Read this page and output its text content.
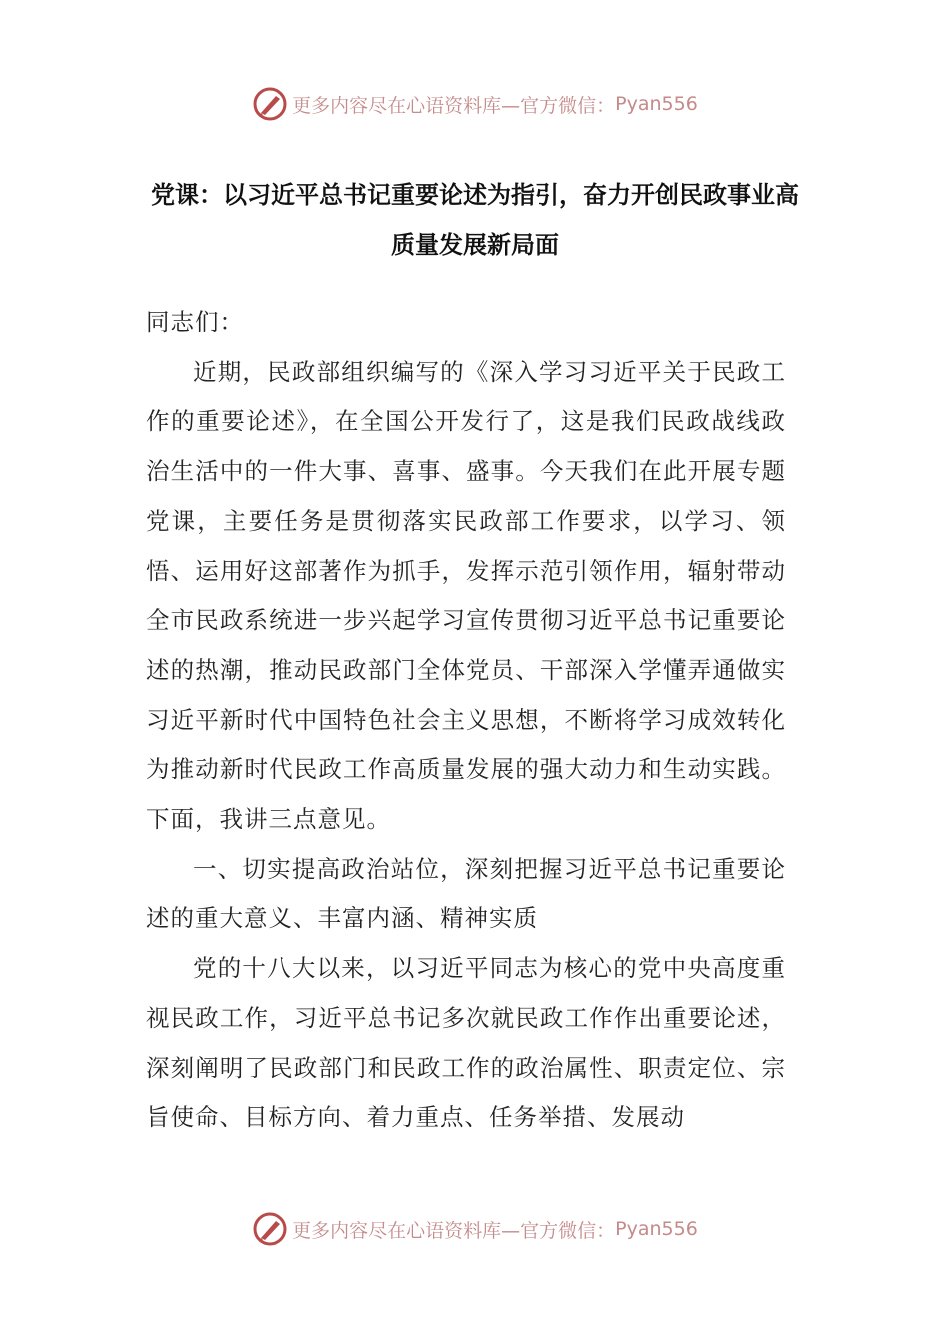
更多内容尽在心语资料库—官方微信： Pyan556
党课：以习近平总书记重要论述为指引，奋力开创民政事业高质量发展新局面

同志们：

近期，民政部组织编写的《深入学习习近平关于民政工作的重要论述》，在全国公开发行了，这是我们民政战线政治生活中的一件大事、喜事、盛事。今天我们在此开展专题党课，主要任务是贯彻落实民政部工作要求，以学习、领悟、运用好这部著作为抓手，发挥示范引领作用，辐射带动全市民政系统进一步兴起学习宣传贯彻习近平总书记重要论述的热潮，推动民政部门全体党员、干部深入学懂弄通做实习近平新时代中国特色社会主义思想，不断将学习成效转化为推动新时代民政工作高质量发展的强大动力和生动实践。下面，我讲三点意见。

一、切实提高政治站位，深刻把握习近平总书记重要论述的重大意义、丰富内涵、精神实质

党的十八大以来，以习近平同志为核心的党中央高度重视民政工作，习近平总书记多次就民政工作作出重要论述，深刻阐明了民政部门和民政工作的政治属性、职责定位、宗旨使命、目标方向、着力重点、任务举措、发展动

更多内容尽在心语资料库—官方微信： Pyan556
